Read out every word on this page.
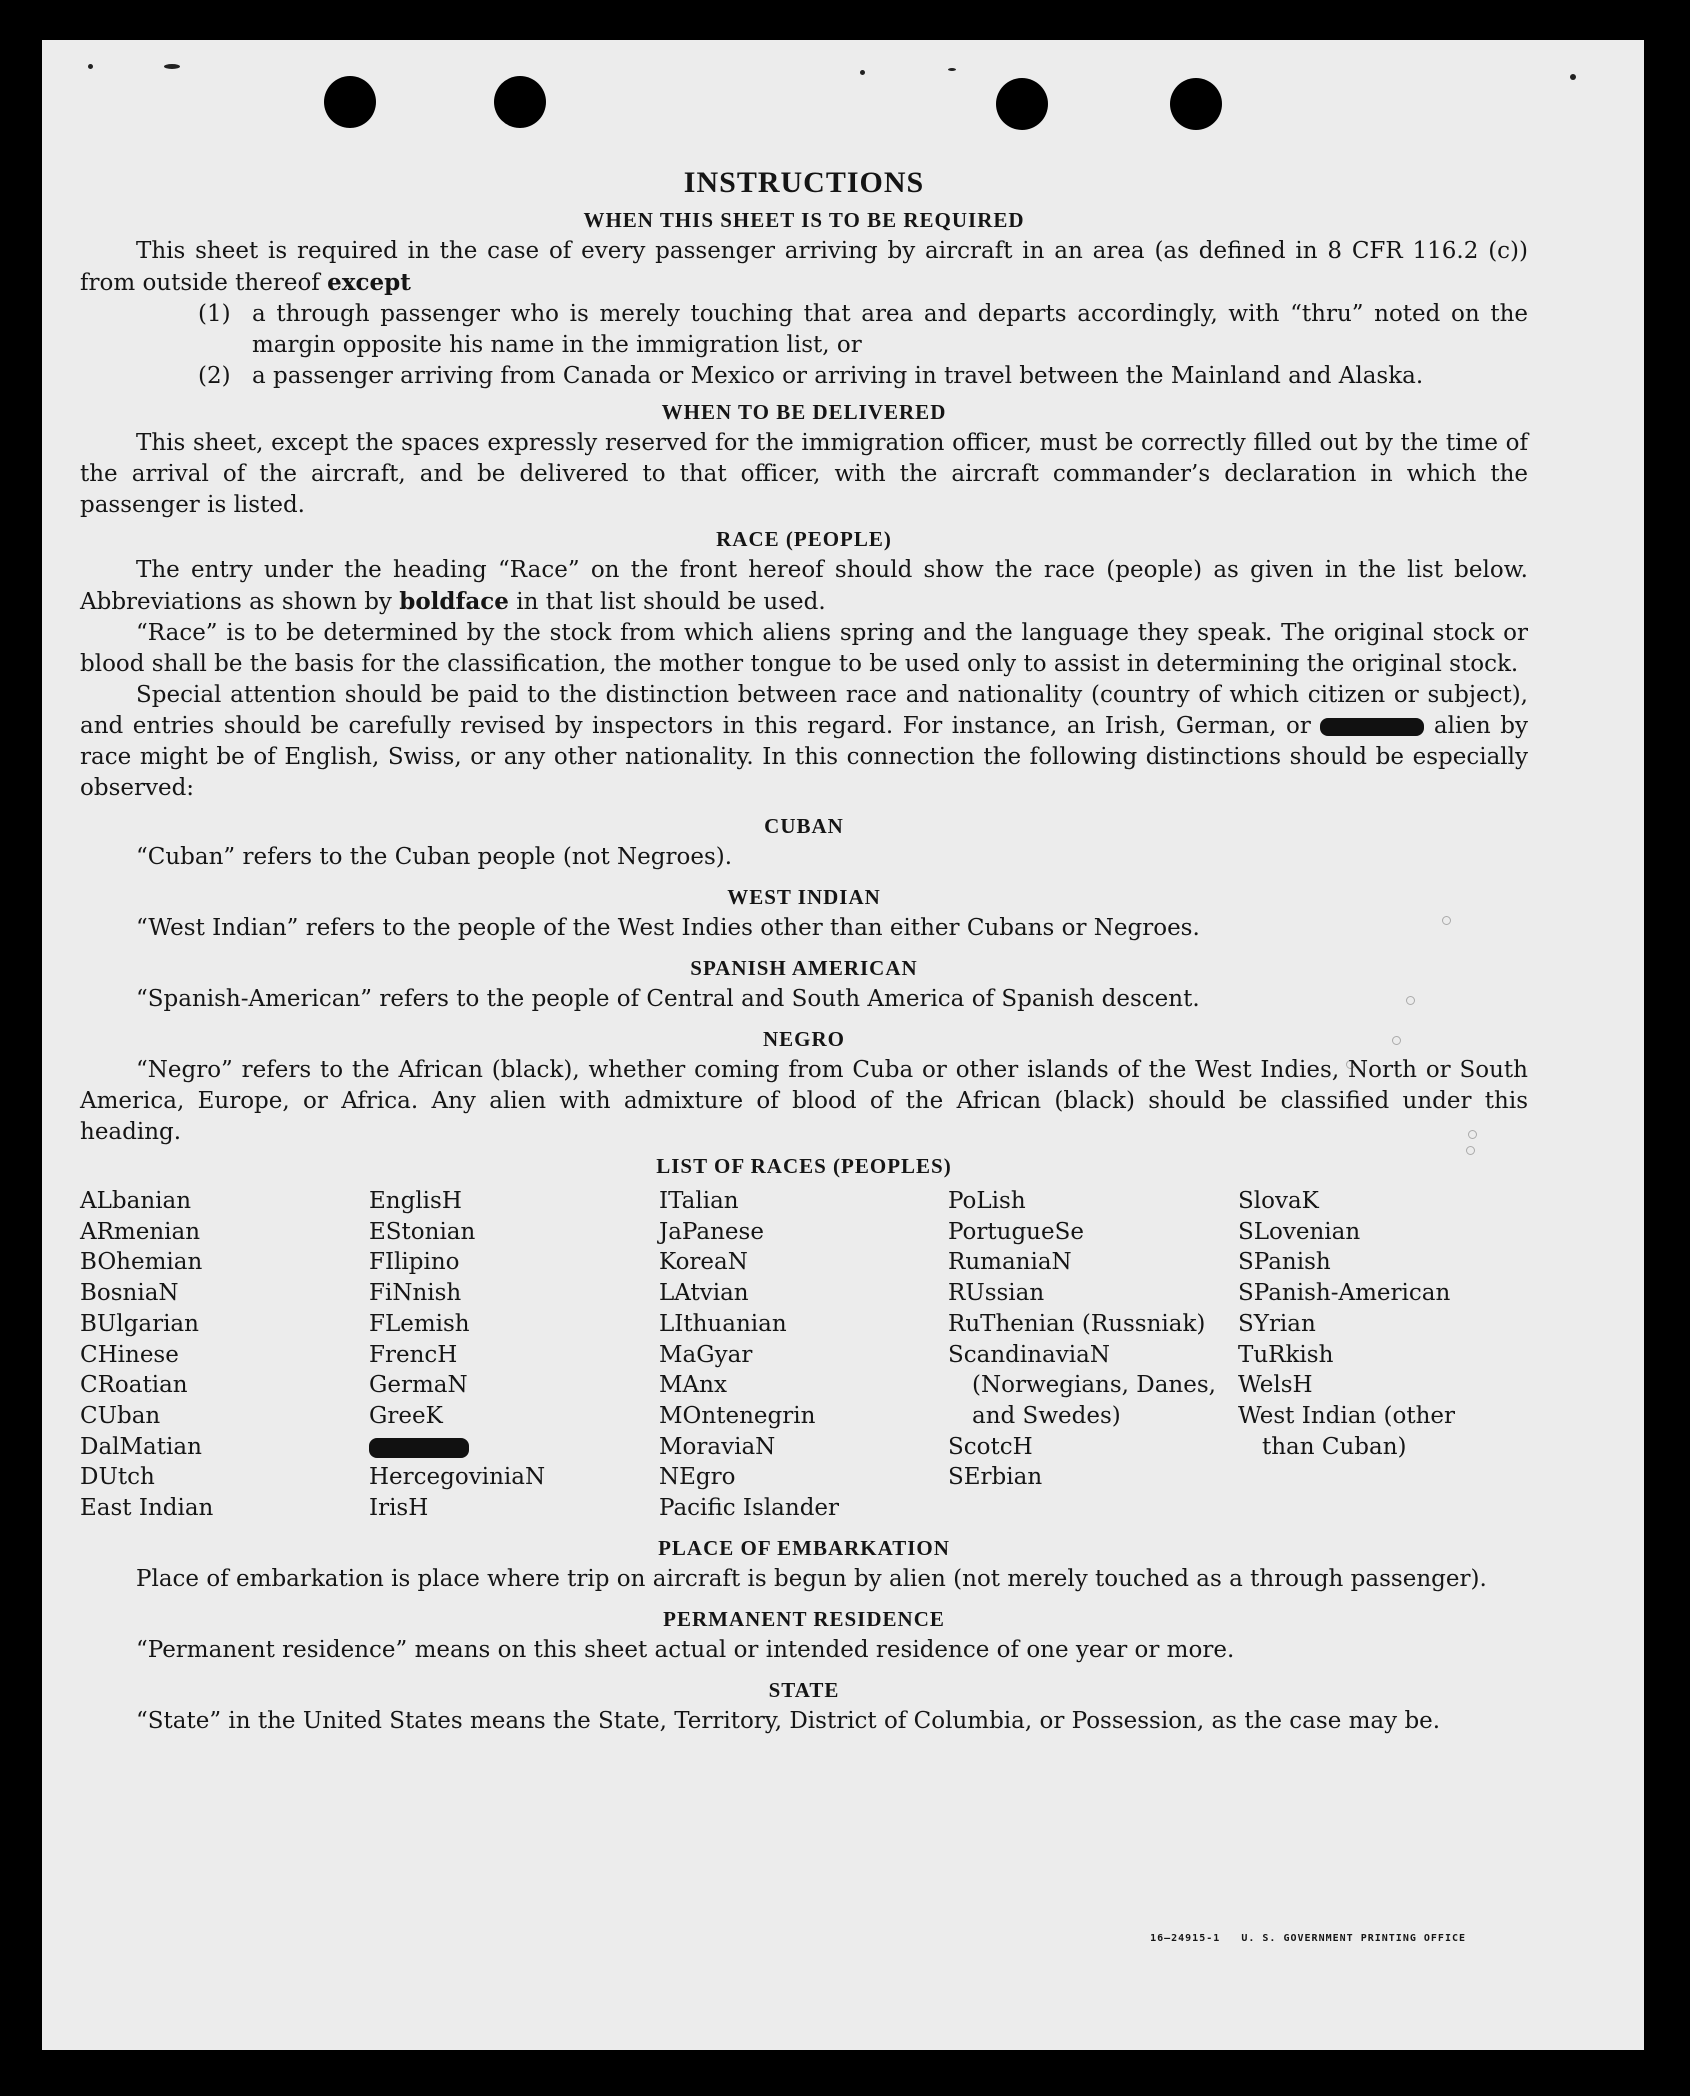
INSTRUCTIONS
WHEN THIS SHEET IS TO BE REQUIRED

This sheet is required in the case of every passenger arriving by aircraft in an area (as defined in 8 CFR 116.2 (c)) from outside thereof except

(1) a through passenger who is merely touching that area and departs accordingly, with “thru” noted on the margin opposite his name in the immigration list, or
(2) a passenger arriving from Canada or Mexico or arriving in travel between the Mainland and Alaska.
WHEN TO BE DELIVERED

This sheet, except the spaces expressly reserved for the immigration officer, must be correctly filled out by the time of the arrival of the aircraft, and be delivered to that officer, with the aircraft commander’s declaration in which the passenger is listed.

RACE (PEOPLE)

The entry under the heading “Race” on the front hereof should show the race (people) as given in the list below. Abbreviations as shown by boldface in that list should be used.

“Race” is to be determined by the stock from which aliens spring and the language they speak. The original stock or blood shall be the basis for the classification, the mother tongue to be used only to assist in determining the original stock.

Special attention should be paid to the distinction between race and nationality (country of which citizen or subject), and entries should be carefully revised by inspectors in this regard. For instance, an Irish, German, or	alien by race might be of English, Swiss, or any other nationality. In this connection the following distinctions should be especially observed:

CUBAN

“Cuban” refers to the Cuban people (not Negroes).

WEST INDIAN

“West Indian” refers to the people of the West Indies other than either Cubans or Negroes.

SPANISH AMERICAN

“Spanish-American” refers to the people of Central and South America of Spanish descent.

NEGRO

“Negro” refers to the African (black), whether coming from Cuba or other islands of the West Indies, North or South America, Europe, or Africa. Any alien with admixture of blood of the African (black) should be classified under this heading.

LIST OF RACES (PEOPLES)
ALbanian
ARmenian
BOhemian
BosniaN
BUlgarian
CHinese
CRoatian
CUban
DalMatian
DUtch
East Indian
EnglisH
EStonian
FIlipino
FiNnish
FLemish
FrencH
GermaN
GreeK
HercegoviniaN
IrisH
ITalian
JaPanese
KoreaN
LAtvian
LIthuanian
MaGyar
MAnx
MOntenegrin
MoraviaN
NEgro
Pacific Islander
PoLish
PortugueSe
RumaniaN
RUssian
RuThenian (Russniak)
ScandinaviaN (Norwegians, Danes, and Swedes)
ScotcH
SErbian
SlovaK
SLovenian
SPanish
SPanish-American
SYrian
TuRkish
WelsH
West Indian (other than Cuban)
PLACE OF EMBARKATION

Place of embarkation is place where trip on aircraft is begun by alien (not merely touched as a through passenger).

PERMANENT RESIDENCE

“Permanent residence” means on this sheet actual or intended residence of one year or more.

STATE

“State” in the United States means the State, Territory, District of Columbia, or Possession, as the case may be.

16—24915-1 U. S. GOVERNMENT PRINTING OFFICE
